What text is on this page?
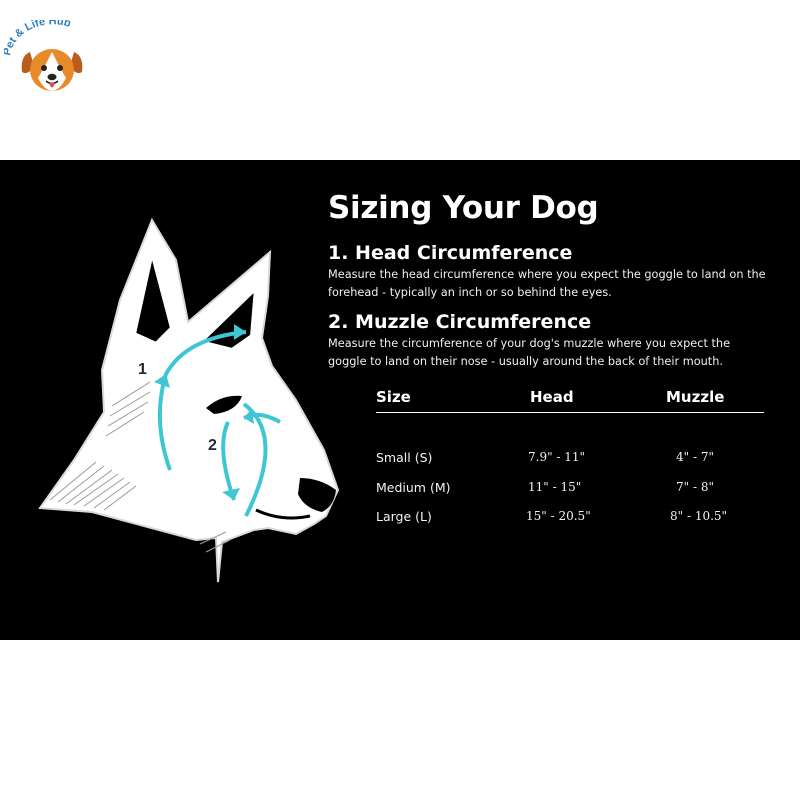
et & Life Hub
1
2
Sizing Your Dog
1. Head Circumference

Measure the head circumference where you expect the goggle to land on the forehead - typically an inch or so behind the eyes.

2. Muzzle Circumference

Measure the circumference of your dog's muzzle where you expect the goggle to land on their nose - usually around the back of their mouth.

Size	Head	Muzzle
Small (S)	7.9" - 11"	4" - 7"
Medium (M)	11" - 15"	7" - 8"
Large (L)	15" - 20.5"	8" - 10.5"
